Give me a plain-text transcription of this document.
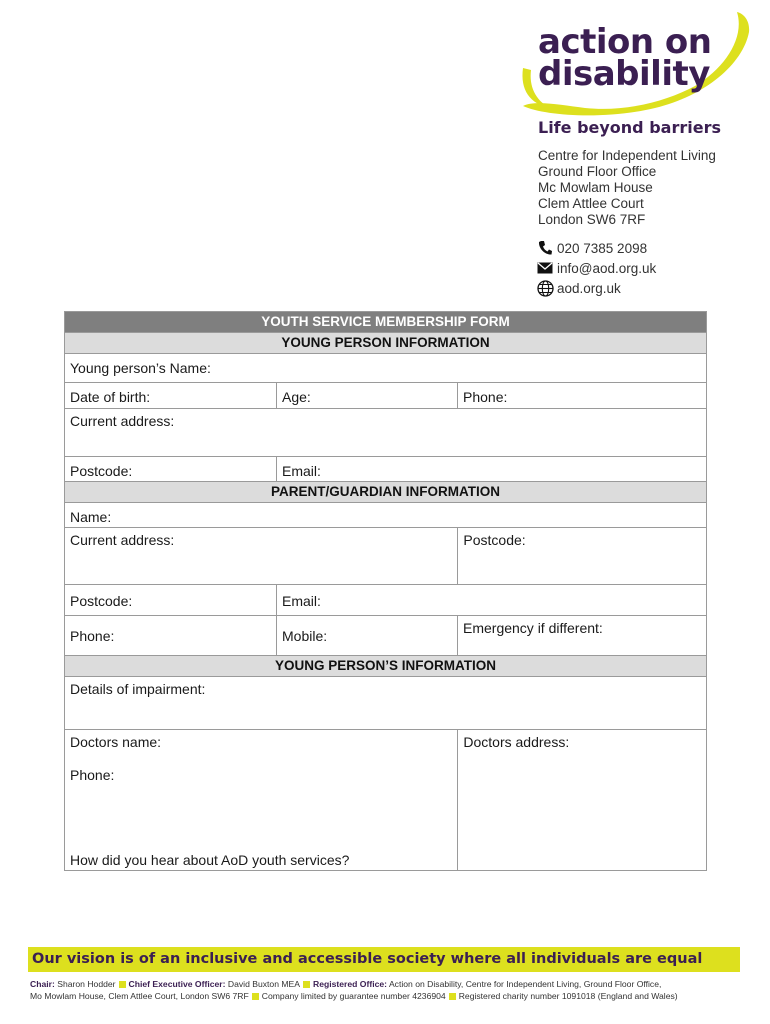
action on
disability
Life beyond barriers
Centre for Independent Living
Ground Floor Office
Mc Mowlam House
Clem Attlee Court
London SW6 7RF
020 7385 2098
info@aod.org.uk
aod.org.uk
YOUTH SERVICE MEMBERSHIP FORM
YOUNG PERSON INFORMATION
Young person’s Name:
Date of birth:	Age:	Phone:
Current address:
Postcode:	Email:
PARENT/GUARDIAN INFORMATION
Name:
Current address:	Postcode:
Postcode:	Email:
Phone:	Mobile:	Emergency if different:
YOUNG PERSON’S INFORMATION
Details of impairment:
Doctors name:
Phone:
How did you hear about AoD youth services?
Doctors address:
Our vision is of an inclusive and accessible society where all individuals are equal
Chair: Sharon Hodder Chief Executive Officer: David Buxton MEA Registered Office: Action on Disability, Centre for Independent Living, Ground Floor Office,
Mo Mowlam House, Clem Attlee Court, London SW6 7RF Company limited by guarantee number 4236904 Registered charity number 1091018 (England and Wales)
